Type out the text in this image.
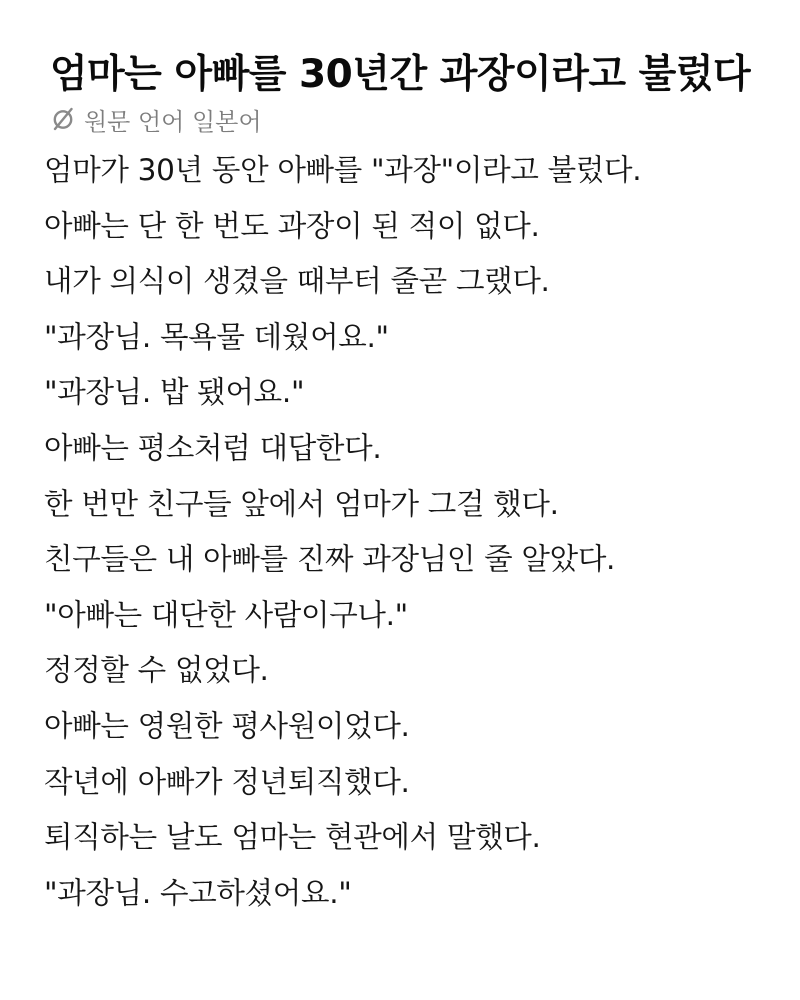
엄마는 아빠를 30년간 과장이라고 불렀다
원문 언어 일본어
엄마가 30년 동안 아빠를 "과장"이라고 불렀다.
아빠는 단 한 번도 과장이 된 적이 없다.
내가 의식이 생겼을 때부터 줄곧 그랬다.
"과장님. 목욕물 데웠어요."
"과장님. 밥 됐어요."
아빠는 평소처럼 대답한다.
한 번만 친구들 앞에서 엄마가 그걸 했다.
친구들은 내 아빠를 진짜 과장님인 줄 알았다.
"아빠는 대단한 사람이구나."
정정할 수 없었다.
아빠는 영원한 평사원이었다.
작년에 아빠가 정년퇴직했다.
퇴직하는 날도 엄마는 현관에서 말했다.
"과장님. 수고하셨어요."
